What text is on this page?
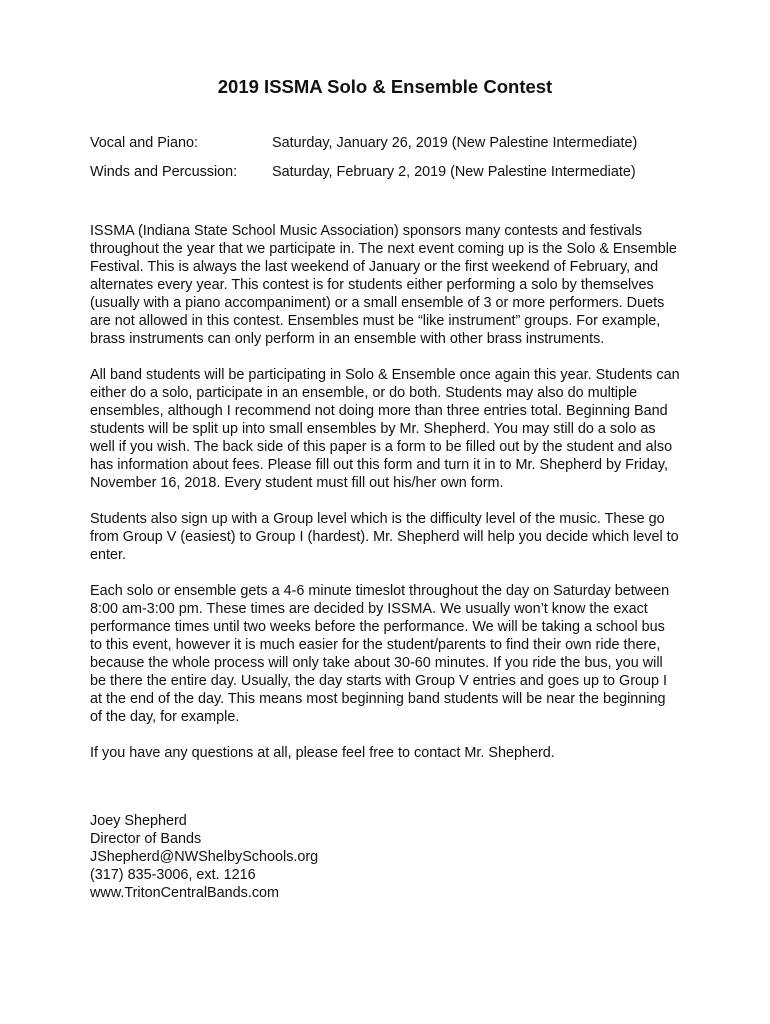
2019 ISSMA Solo & Ensemble Contest
Vocal and Piano:	Saturday, January 26, 2019 (New Palestine Intermediate)
Winds and Percussion: Saturday, February 2, 2019 (New Palestine Intermediate)

ISSMA (Indiana State School Music Association) sponsors many contests and festivals throughout the year that we participate in. The next event coming up is the Solo & Ensemble Festival. This is always the last weekend of January or the first weekend of February, and alternates every year. This contest is for students either performing a solo by themselves (usually with a piano accompaniment) or a small ensemble of 3 or more performers. Duets are not allowed in this contest. Ensembles must be “like instrument” groups. For example, brass instruments can only perform in an ensemble with other brass instruments.

All band students will be participating in Solo & Ensemble once again this year. Students can either do a solo, participate in an ensemble, or do both. Students may also do multiple ensembles, although I recommend not doing more than three entries total. Beginning Band students will be split up into small ensembles by Mr. Shepherd. You may still do a solo as well if you wish. The back side of this paper is a form to be filled out by the student and also has information about fees. Please fill out this form and turn it in to Mr. Shepherd by Friday, November 16, 2018. Every student must fill out his/her own form.

Students also sign up with a Group level which is the difficulty level of the music. These go from Group V (easiest) to Group I (hardest). Mr. Shepherd will help you decide which level to enter.

Each solo or ensemble gets a 4-6 minute timeslot throughout the day on Saturday between 8:00 am-3:00 pm. These times are decided by ISSMA. We usually won’t know the exact performance times until two weeks before the performance. We will be taking a school bus to this event, however it is much easier for the student/parents to find their own ride there, because the whole process will only take about 30-60 minutes. If you ride the bus, you will be there the entire day. Usually, the day starts with Group V entries and goes up to Group I at the end of the day. This means most beginning band students will be near the beginning of the day, for example.

If you have any questions at all, please feel free to contact Mr. Shepherd.

Joey Shepherd
Director of Bands
JShepherd@NWShelbySchools.org
(317) 835-3006, ext. 1216
www.TritonCentralBands.com
